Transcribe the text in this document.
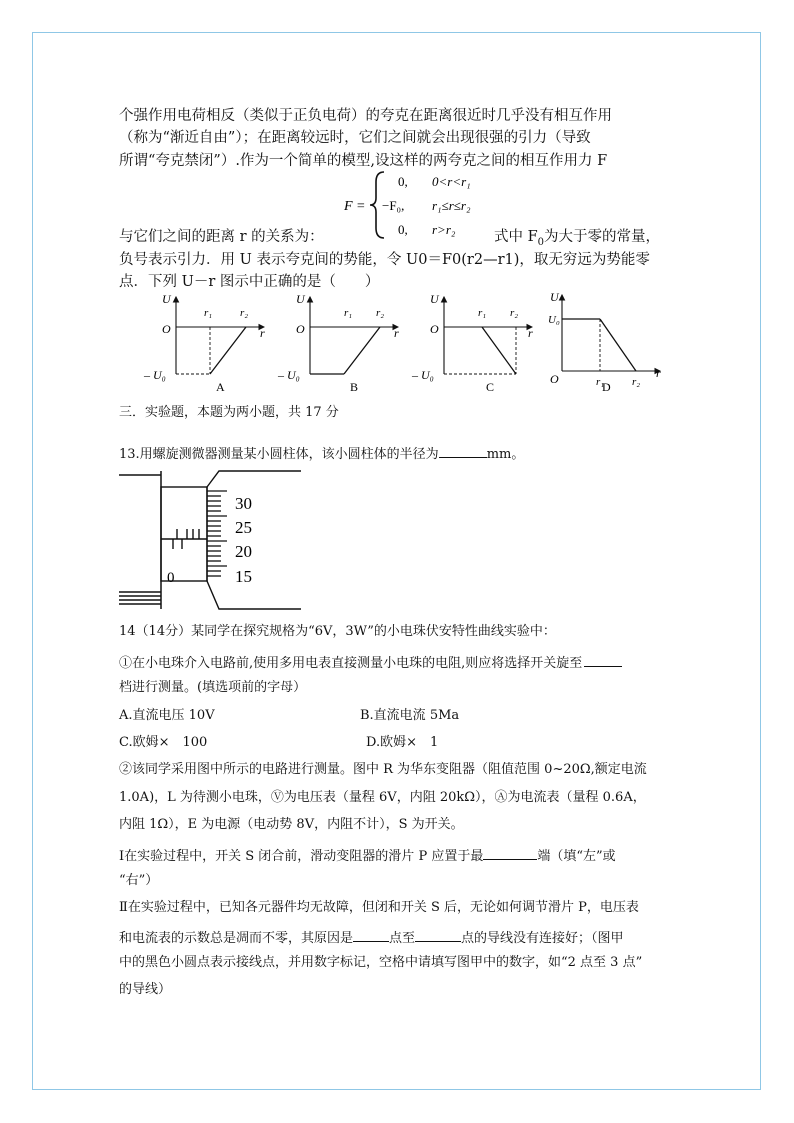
个强作用电荷相反（类似于正负电荷）的夸克在距离很近时几乎没有相互作用
（称为“渐近自由”）；在距离较远时，它们之间就会出现很强的引力（导致
所谓“夸克禁闭”）.作为一个简单的模型,设这样的两夸克之间的相互作用力 F
F =
0, 0<r<r₁
−F₀, r₁≤r≤r₂
0, r>r₂
与它们之间的距离 r 的关系为：	式中 $F_0$为大于零的常量，
负号表示引力．用 U 表示夸克间的势能，令 U0＝F0(r2—r1)，取无穷远为势能零
点．下列 U－r 图示中正确的是（　　）
U
O	r
r₁	r₂
– U₀
A
U
O	r
r₁ r₂
– U₀
B
U
O	r
r₁ r₂
– U₀
C
U
U₀
O	r
r₁	r₂
D
三．实验题，本题为两小题，共 17 分
13.用螺旋测微器测量某小圆柱体，该小圆柱体的半径为	mm。
0
30
25
20
15
14（14分）某同学在探究规格为“6V，3W”的小电珠伏安特性曲线实验中：
①在小电珠介入电路前,使用多用电表直接测量小电珠的电阻,则应将选择开关旋至
档进行测量。(填选项前的字母）
A.直流电压 10V	B.直流电流 5Ma
C.欧姆×　100	D.欧姆×　1
②该同学采用图中所示的电路进行测量。图中 R 为华东变阻器（阻值范围 0~20Ω,额定电流
1.0A)，L 为待测小电珠，Ⓥ为电压表（量程 6V，内阻 20kΩ），Ⓐ为电流表（量程 0.6A，
内阻 1Ω），E 为电源（电动势 8V，内阻不计），S 为开关。
Ⅰ在实验过程中，开关 S 闭合前，滑动变阻器的滑片 P 应置于最	端（填“左”或
“右”）
Ⅱ在实验过程中，已知各元器件均无故障，但闭和开关 S 后，无论如何调节滑片 P，电压表
和电流表的示数总是凋而不零，其原因是	点至	点的导线没有连接好；（图甲
中的黑色小圆点表示接线点，并用数字标记，空格中请填写图甲中的数字，如“2 点至 3 点”
的导线）
